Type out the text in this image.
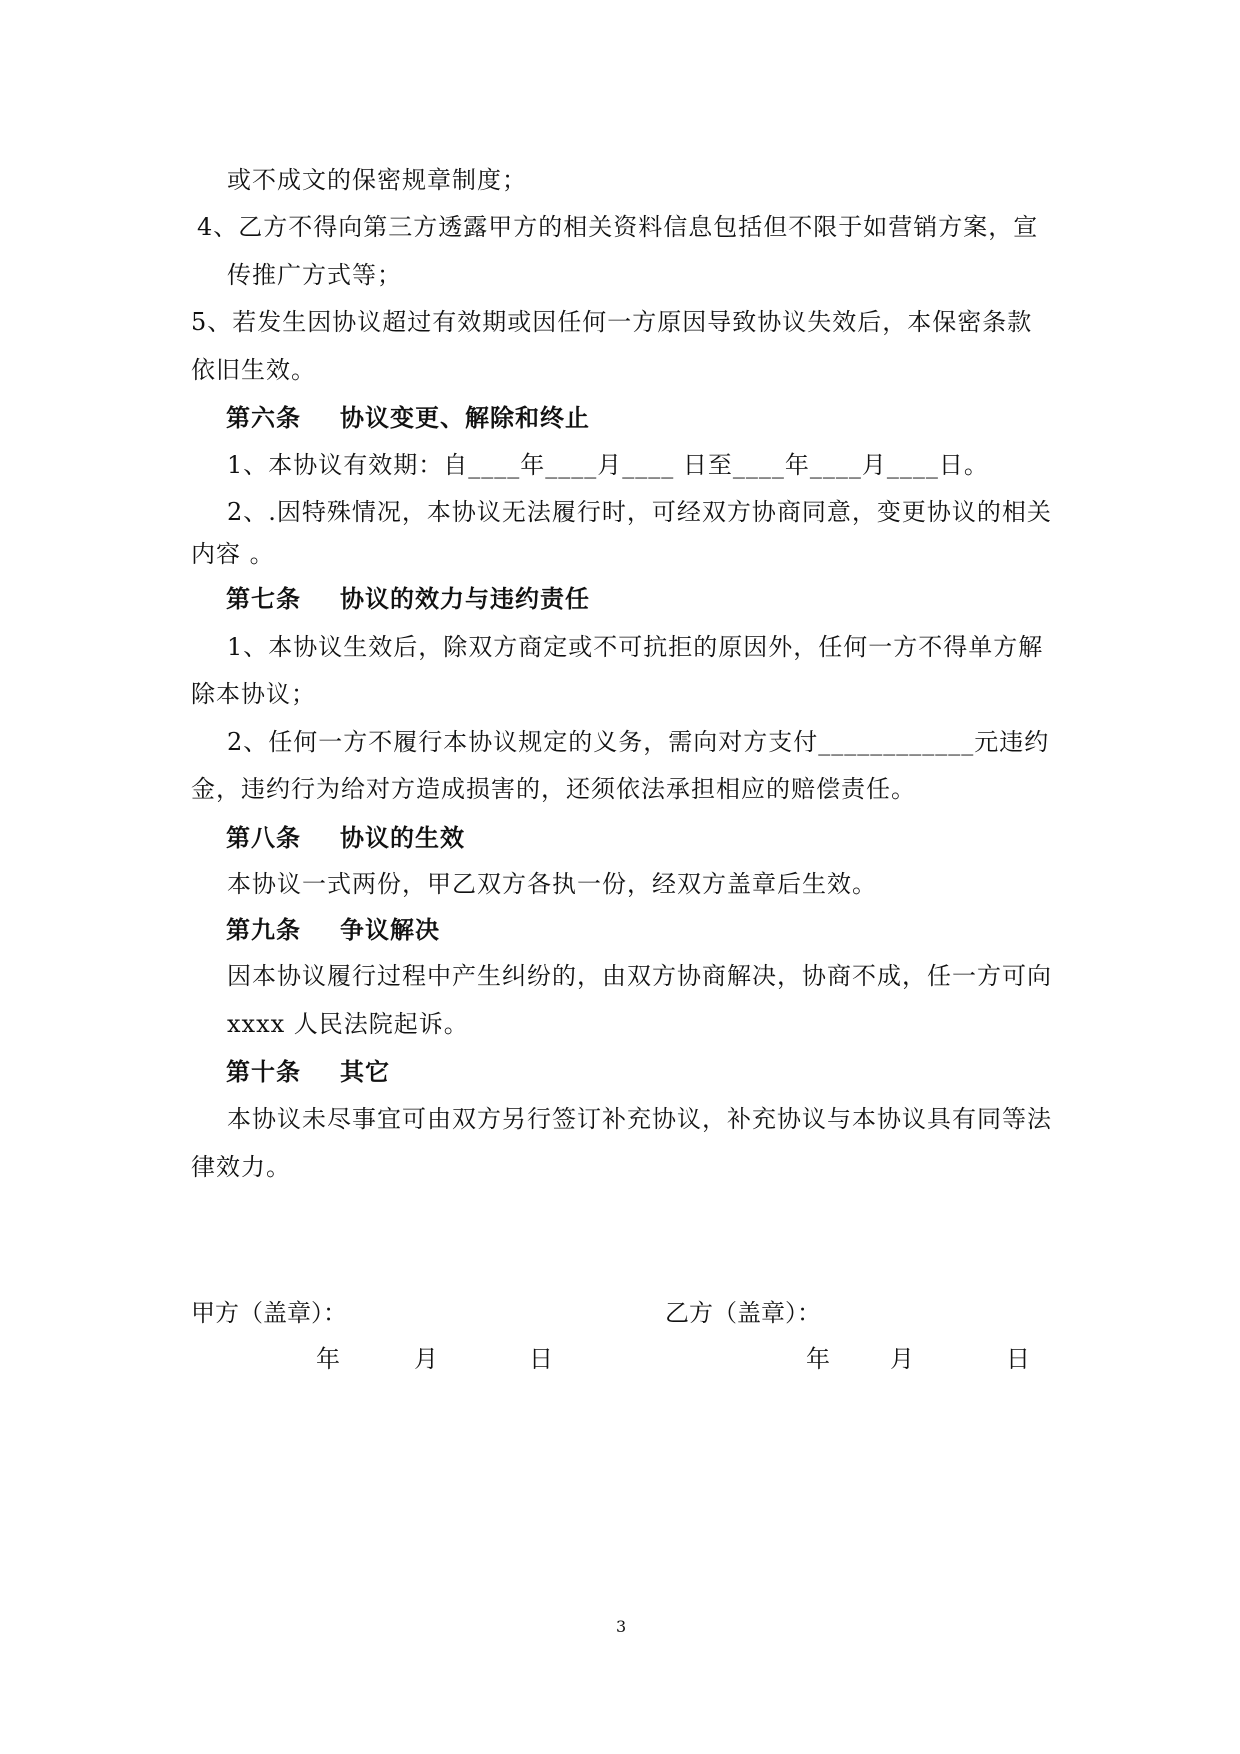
或不成文的保密规章制度；
4、乙方不得向第三方透露甲方的相关资料信息包括但不限于如营销方案，宣
传推广方式等；
5、若发生因协议超过有效期或因任何一方原因导致协议失效后，本保密条款
依旧生效。
第六条 协议变更、解除和终止
1、本协议有效期：自____年____月____ 日至____年____月____日。
2、.因特殊情况，本协议无法履行时，可经双方协商同意，变更协议的相关
内容 。
第七条 协议的效力与违约责任
1、本协议生效后，除双方商定或不可抗拒的原因外，任何一方不得单方解
除本协议；
2、任何一方不履行本协议规定的义务，需向对方支付____________元违约
金，违约行为给对方造成损害的，还须依法承担相应的赔偿责任。
第八条 协议的生效
本协议一式两份，甲乙双方各执一份，经双方盖章后生效。
第九条 争议解决
因本协议履行过程中产生纠纷的，由双方协商解决，协商不成，任一方可向
xxxx 人民法院起诉。
第十条 其它
本协议未尽事宜可由双方另行签订补充协议，补充协议与本协议具有同等法
律效力。
甲方（盖章）：	乙方（盖章）：
年	月	日	年	月	日
3
